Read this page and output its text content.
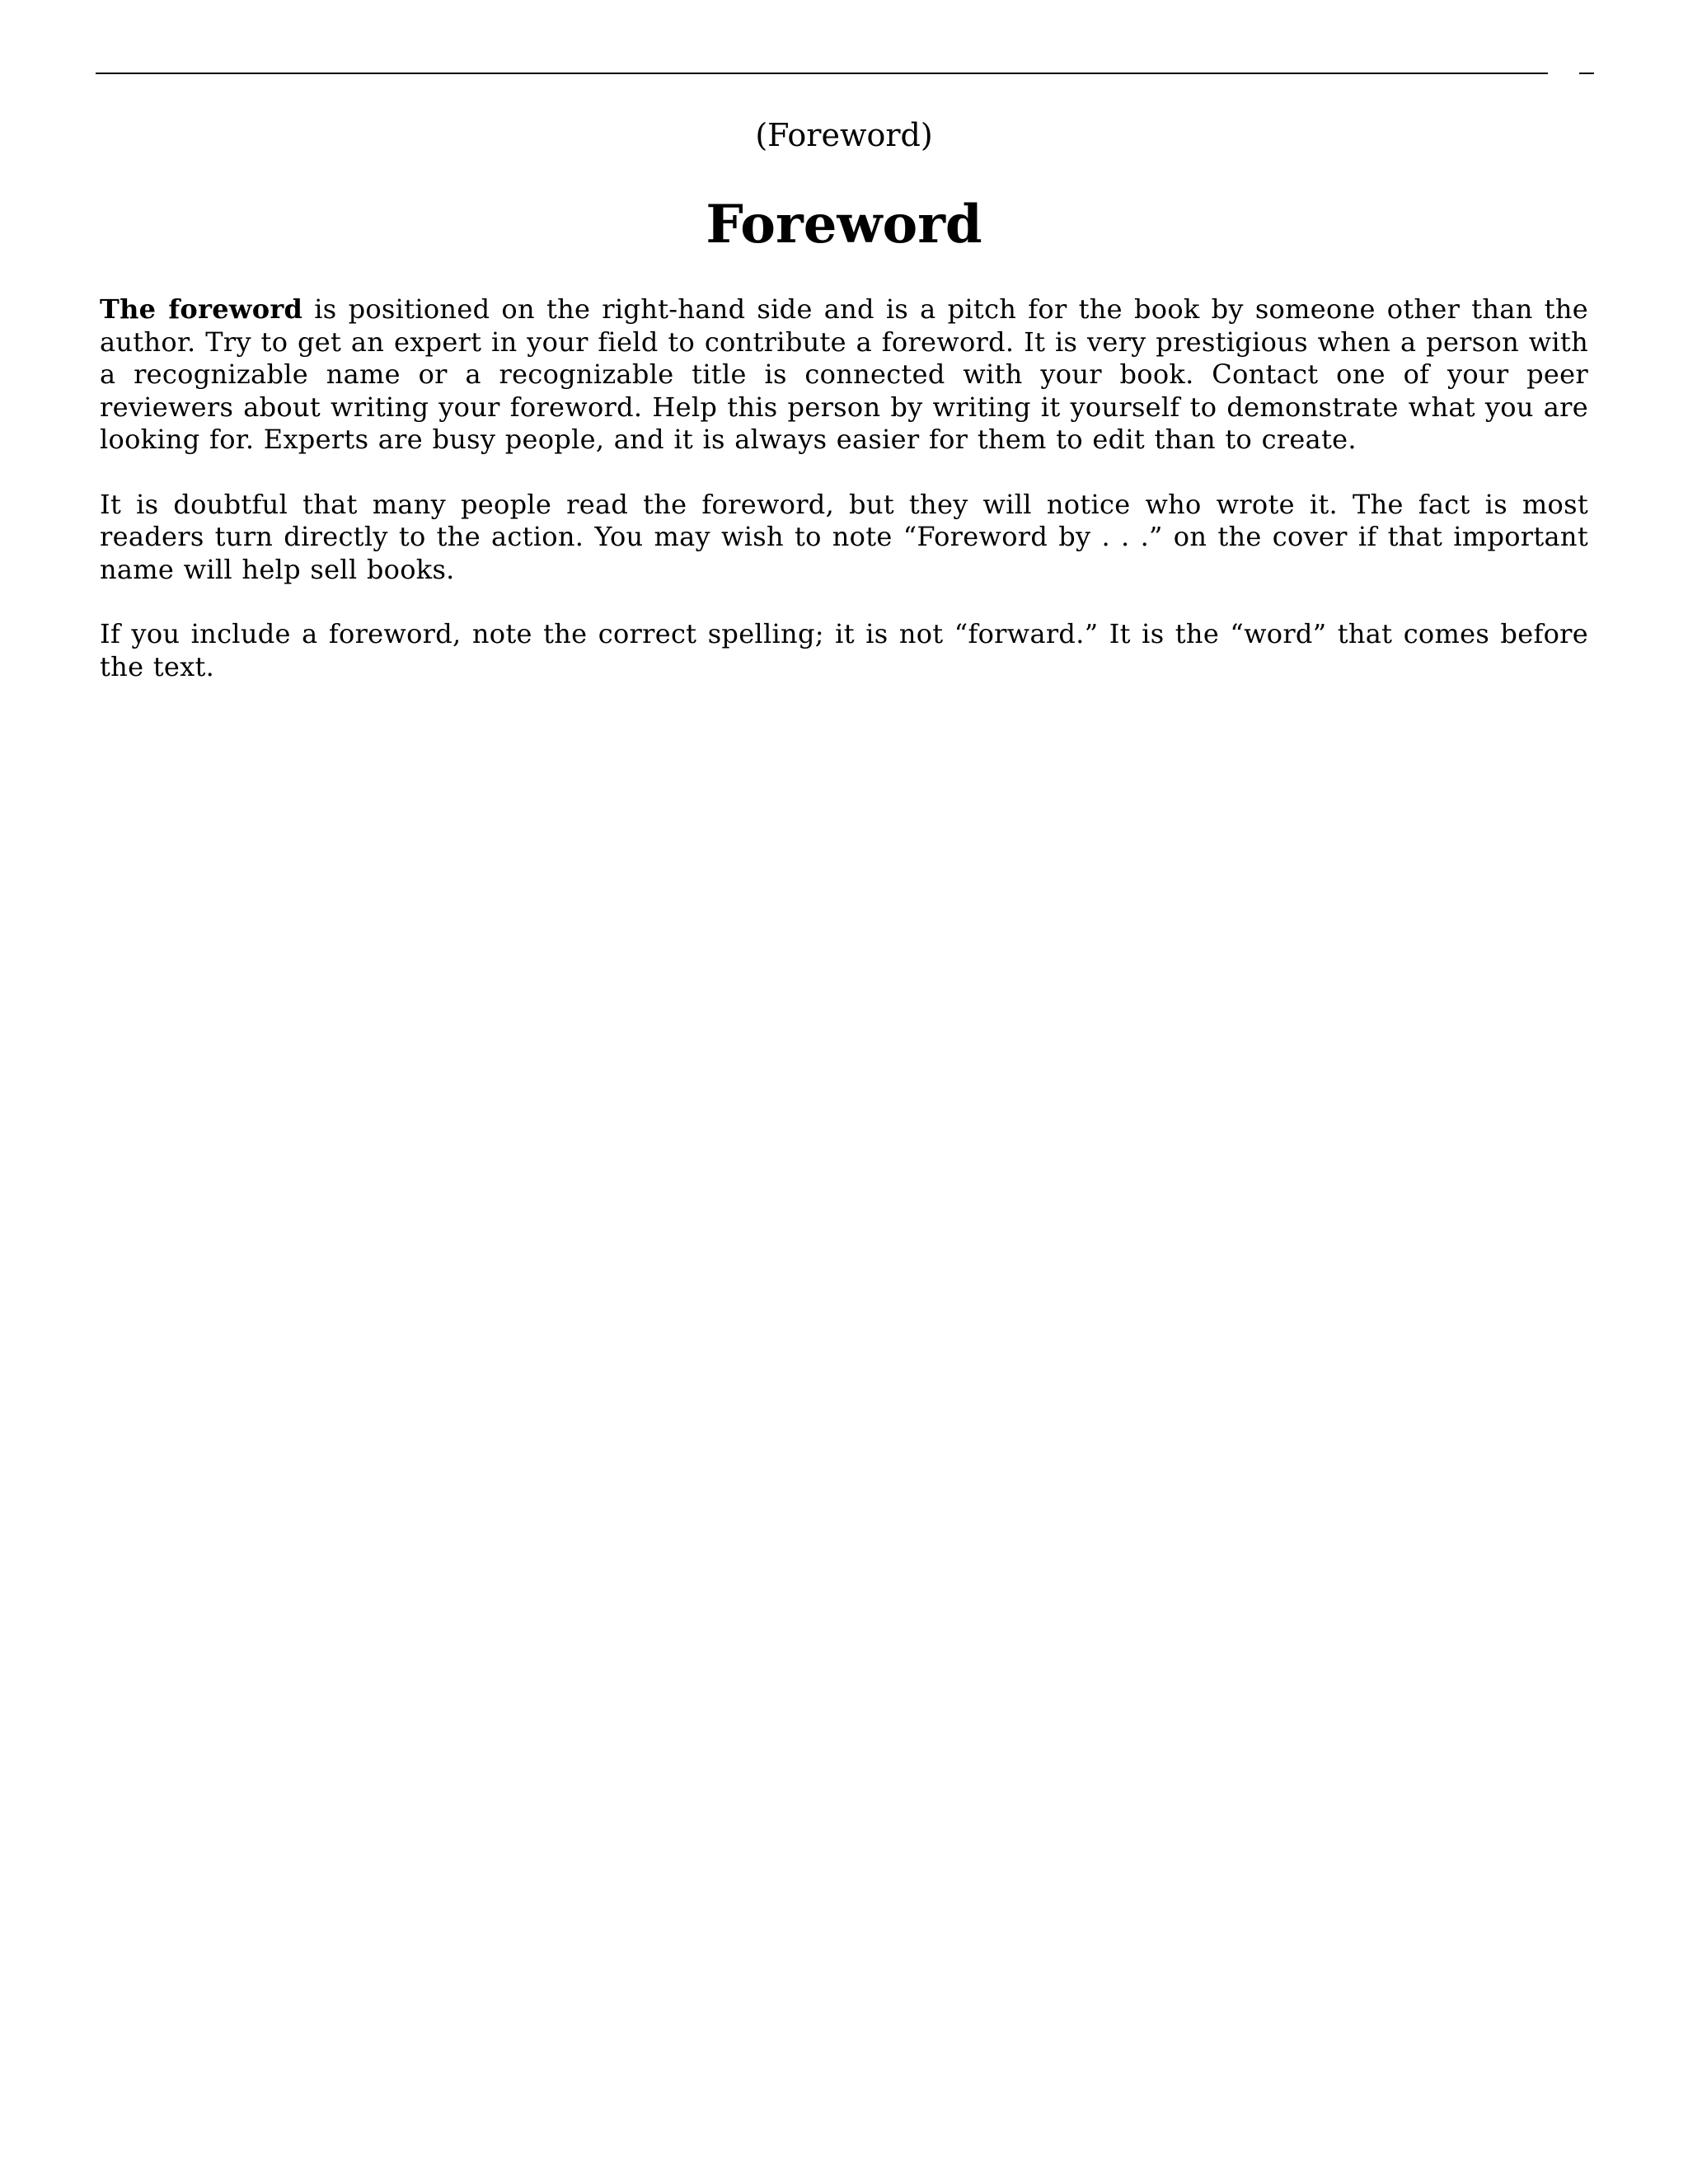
(Foreword)
Foreword

The foreword is positioned on the right-hand side and is a pitch for the book by someone other than the author. Try to get an expert in your field to contribute a foreword. It is very prestigious when a person with a recognizable name or a recognizable title is connected with your book. Contact one of your peer reviewers about writing your foreword. Help this person by writing it yourself to demonstrate what you are looking for. Experts are busy people, and it is always easier for them to edit than to create.

It is doubtful that many people read the foreword, but they will notice who wrote it. The fact is most readers turn directly to the action. You may wish to note “Foreword by . . .” on the cover if that important name will help sell books.

If you include a foreword, note the correct spelling; it is not “forward.” It is the “word” that comes before the text.
